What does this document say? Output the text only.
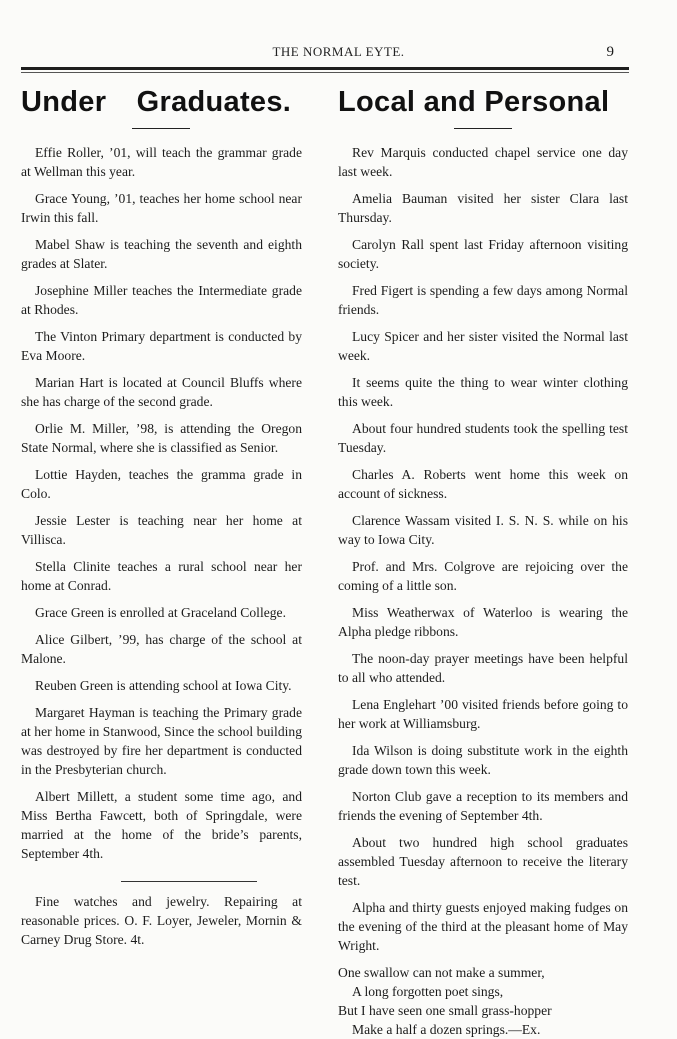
THE NORMAL EYTE.	9
Under Graduates.

Effie Roller, ’01, will teach the grammar grade at Wellman this year.

Grace Young, ’01, teaches her home school near Irwin this fall.

Mabel Shaw is teaching the seventh and eighth grades at Slater.

Josephine Miller teaches the Intermediate grade at Rhodes.

The Vinton Primary department is conducted by Eva Moore.

Marian Hart is located at Council Bluffs where she has charge of the second grade.

Orlie M. Miller, ’98, is attending the Oregon State Normal, where she is classified as Senior.

Lottie Hayden, teaches the gramma grade in Colo.

Jessie Lester is teaching near her home at Villisca.

Stella Clinite teaches a rural school near her home at Conrad.

Grace Green is enrolled at Graceland College.

Alice Gilbert, ’99, has charge of the school at Malone.

Reuben Green is attending school at Iowa City.

Margaret Hayman is teaching the Primary grade at her home in Stanwood, Since the school building was destroyed by fire her department is conducted in the Presbyterian church.

Albert Millett, a student some time ago, and Miss Bertha Fawcett, both of Springdale, were married at the home of the bride’s parents, September 4th.

Fine watches and jewelry. Repairing at reasonable prices. O. F. Loyer, Jeweler, Mornin & Carney Drug Store. 4t.

Local and Personal

Rev Marquis conducted chapel service one day last week.

Amelia Bauman visited her sister Clara last Thursday.

Carolyn Rall spent last Friday afternoon visiting society.

Fred Figert is spending a few days among Normal friends.

Lucy Spicer and her sister visited the Normal last week.

It seems quite the thing to wear winter clothing this week.

About four hundred students took the spelling test Tuesday.

Charles A. Roberts went home this week on account of sickness.

Clarence Wassam visited I. S. N. S. while on his way to Iowa City.

Prof. and Mrs. Colgrove are rejoicing over the coming of a little son.

Miss Weatherwax of Waterloo is wearing the Alpha pledge ribbons.

The noon-day prayer meetings have been helpful to all who attended.

Lena Englehart ’00 visited friends before going to her work at Williamsburg.

Ida Wilson is doing substitute work in the eighth grade down town this week.

Norton Club gave a reception to its members and friends the evening of September 4th.

About two hundred high school graduates assembled Tuesday afternoon to receive the literary test.

Alpha and thirty guests enjoyed making fudges on the evening of the third at the pleasant home of May Wright.

One swallow can not make a summer,
A long forgotten poet sings,
But I have seen one small grass-hopper
Make a half a dozen springs.—Ex.
